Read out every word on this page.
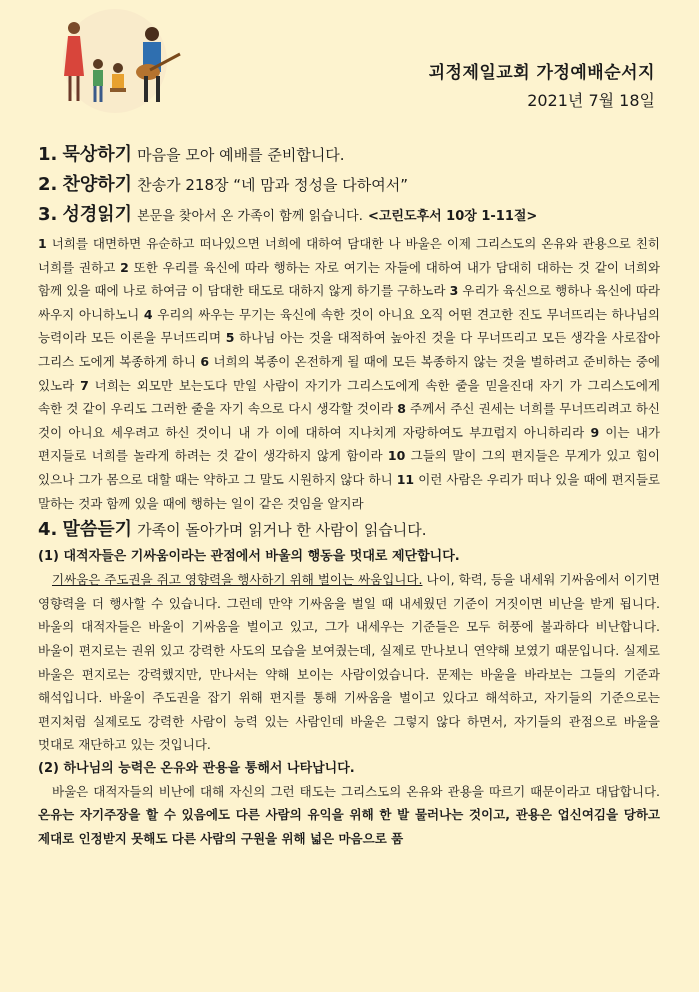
괴정제일교회 가정예배순서지
2021년 7월 18일

1. 묵상하기 마음을 모아 예배를 준비합니다.

2. 찬양하기 찬송가 218장 “네 맘과 정성을 다하여서”

3. 성경읽기 본문을 찾아서 온 가족이 함께 읽습니다. <고린도후서 10장 1-11절>

1 너희를 대면하면 유순하고 떠나있으면 너희에 대하여 담대한 나 바울은 이제 그리스도의 온유와 관용으로 친히 너희를 권하고 2 또한 우리를 육신에 따라 행하는 자로 여기는 자들에 대하여 내가 담대히 대하는 것 같이 너희와 함께 있을 때에 나로 하여금 이 담대한 태도로 대하지 않게 하기를 구하노라 3 우리가 육신으로 행하나 육신에 따라 싸우지 아니하노니 4 우리의 싸우는 무기는 육신에 속한 것이 아니요 오직 어떤 견고한 진도 무너뜨리는 하나님의 능력이라 모든 이론을 무너뜨리며 5 하나님 아는 것을 대적하여 높아진 것을 다 무너뜨리고 모든 생각을 사로잡아 그리스 도에게 복종하게 하니 6 너희의 복종이 온전하게 될 때에 모든 복종하지 않는 것을 벌하려고 준비하는 중에 있노라 7 너희는 외모만 보는도다 만일 사람이 자기가 그리스도에게 속한 줄을 믿을진대 자기 가 그리스도에게 속한 것 같이 우리도 그러한 줄을 자기 속으로 다시 생각할 것이라 8 주께서 주신 권세는 너희를 무너뜨리려고 하신 것이 아니요 세우려고 하신 것이니 내 가 이에 대하여 지나치게 자랑하여도 부끄럽지 아니하리라 9 이는 내가 편지들로 너희를 놀라게 하려는 것 같이 생각하지 않게 함이라 10 그들의 말이 그의 편지들은 무게가 있고 힘이 있으나 그가 몸으로 대할 때는 약하고 그 말도 시원하지 않다 하니 11 이런 사람은 우리가 떠나 있을 때에 편지들로 말하는 것과 함께 있을 때에 행하는 일이 같은 것임을 알지라

4. 말씀듣기 가족이 돌아가며 읽거나 한 사람이 읽습니다.

(1) 대적자들은 기싸움이라는 관점에서 바울의 행동을 멋대로 제단합니다.

기싸움은 주도권을 쥐고 영향력을 행사하기 위해 벌이는 싸움입니다. 나이, 학력, 등을 내세워 기싸움에서 이기면 영향력을 더 행사할 수 있습니다. 그런데 만약 기싸움을 벌일 때 내세웠던 기준이 거짓이면 비난을 받게 됩니다. 바울의 대적자들은 바울이 기싸움을 벌이고 있고, 그가 내세우는 기준들은 모두 허풍에 불과하다 비난합니다. 바울이 편지로는 권위 있고 강력한 사도의 모습을 보여줬는데, 실제로 만나보니 연약해 보였기 때문입니다. 실제로 바울은 편지로는 강력했지만, 만나서는 약해 보이는 사람이었습니다. 문제는 바울을 바라보는 그들의 기준과 해석입니다. 바울이 주도권을 잡기 위해 편지를 통해 기싸움을 벌이고 있다고 해석하고, 자기들의 기준으로는 편지처럼 실제로도 강력한 사람이 능력 있는 사람인데 바울은 그렇지 않다 하면서, 자기들의 관점으로 바울을 멋대로 재단하고 있는 것입니다.

(2) 하나님의 능력은 온유와 관용을 통해서 나타납니다.

바울은 대적자들의 비난에 대해 자신의 그런 태도는 그리스도의 온유와 관용을 따르기 때문이라고 대답합니다. 온유는 자기주장을 할 수 있음에도 다른 사람의 유익을 위해 한 발 물러나는 것이고, 관용은 업신여김을 당하고 제대로 인정받지 못해도 다른 사람의 구원을 위해 넓은 마음으로 품
